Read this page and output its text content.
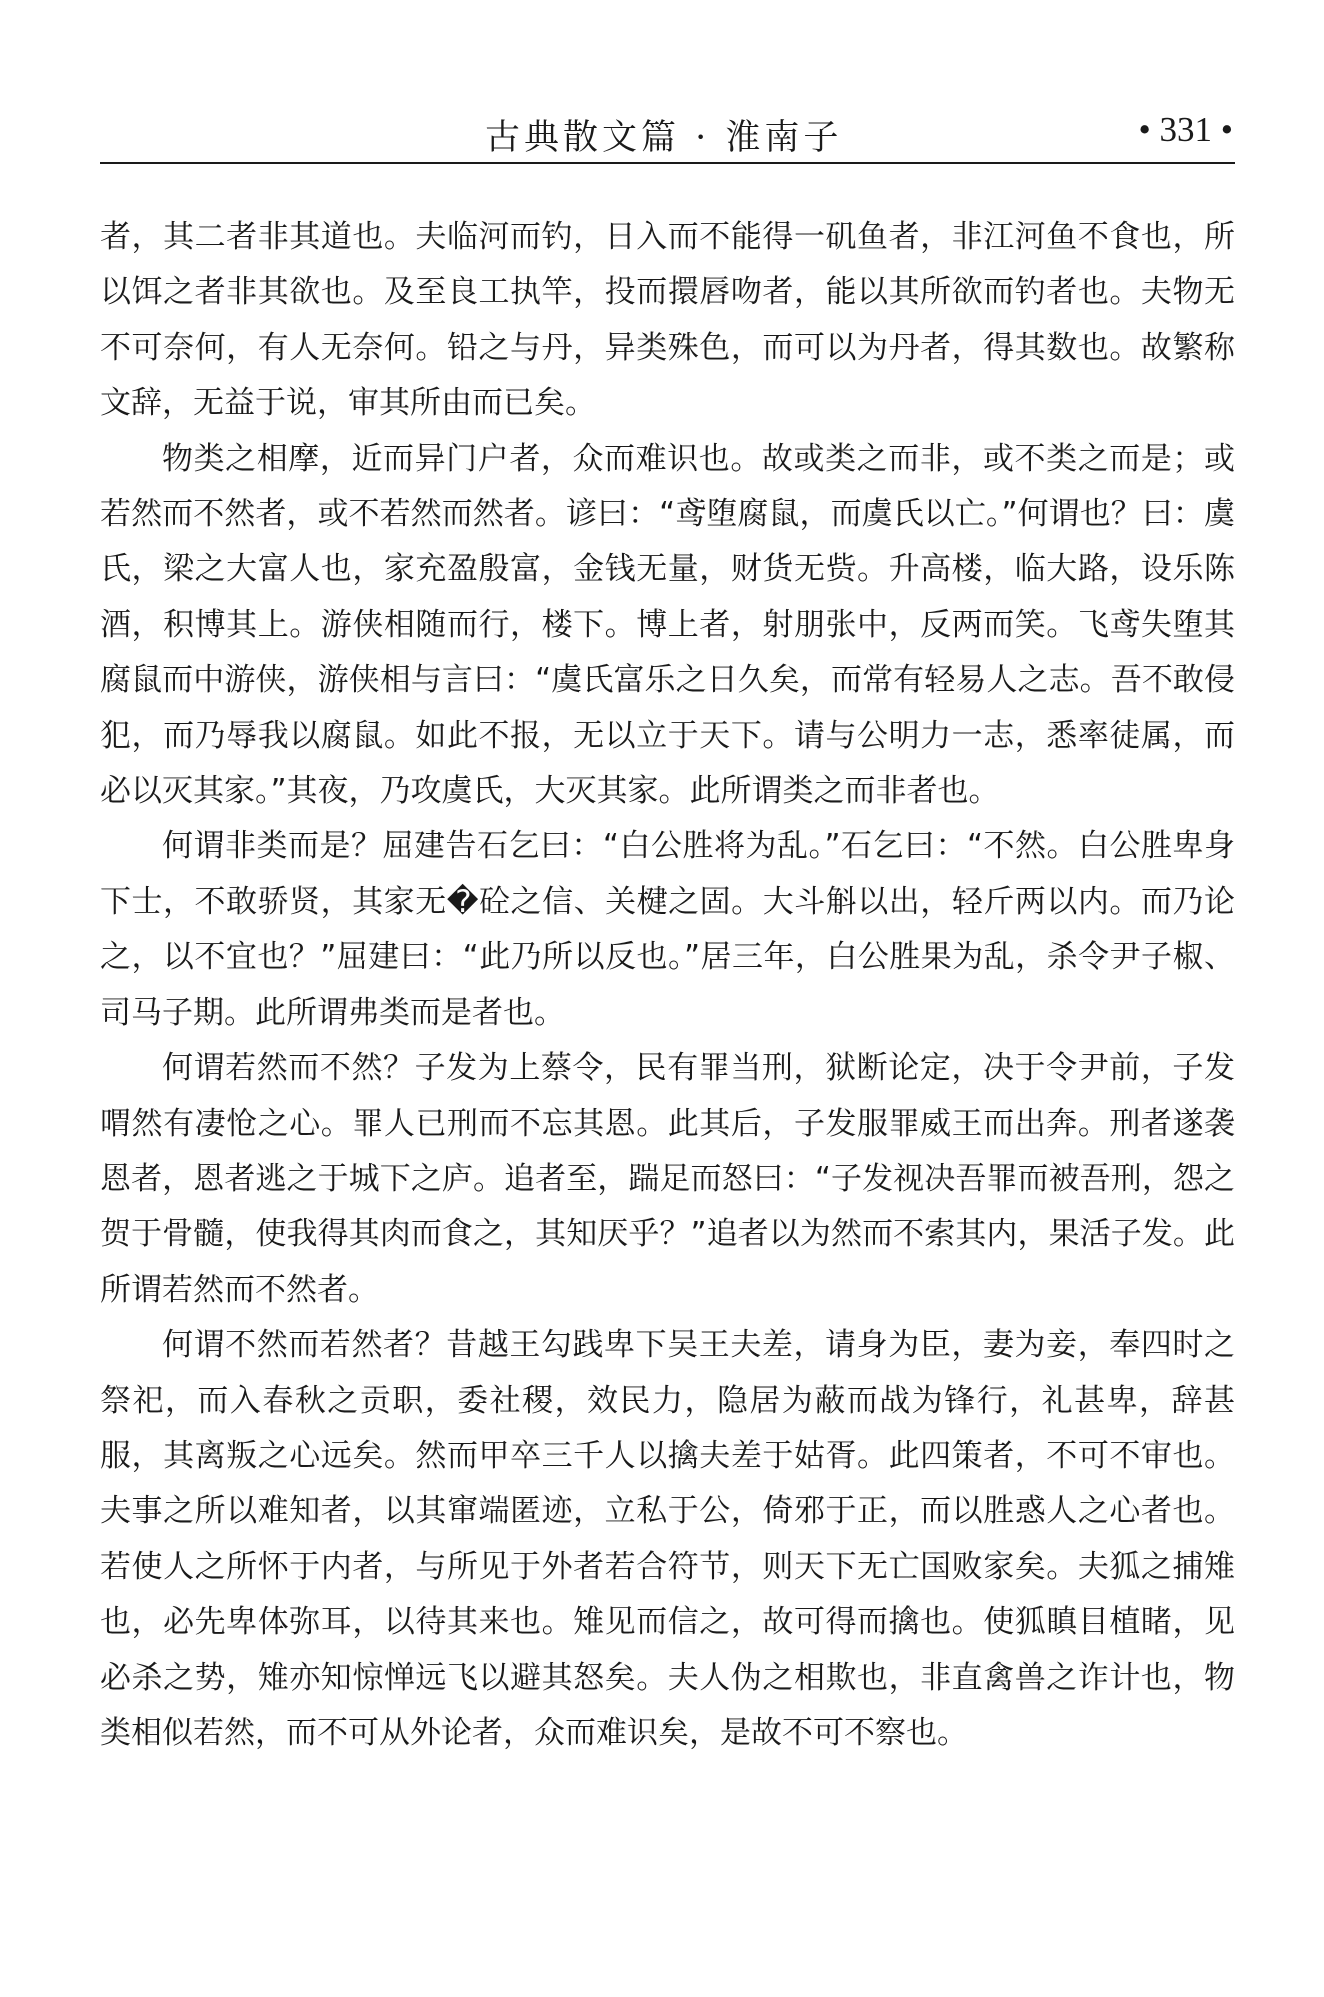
古典散文篇 · 淮南子	• 331 •

者，其二者非其道也。夫临河而钓，日入而不能得一矶鱼者，非江河鱼不食也，所以饵之者非其欲也。及至良工执竿，投而擐唇吻者，能以其所欲而钓者也。夫物无不可奈何，有人无奈何。铅之与丹，异类殊色，而可以为丹者，得其数也。故繁称文辞，无益于说，审其所由而已矣。

物类之相摩，近而异门户者，众而难识也。故或类之而非，或不类之而是；或若然而不然者，或不若然而然者。谚曰：“鸢堕腐鼠，而虞氏以亡。”何谓也？曰：虞氏，梁之大富人也，家充盈殷富，金钱无量，财货无赀。升高楼，临大路，设乐陈酒，积博其上。游侠相随而行，楼下。博上者，射朋张中，反两而笑。飞鸢失堕其腐鼠而中游侠，游侠相与言曰：“虞氏富乐之日久矣，而常有轻易人之志。吾不敢侵犯，而乃辱我以腐鼠。如此不报，无以立于天下。请与公明力一志，悉率徒属，而必以灭其家。”其夜，乃攻虞氏，大灭其家。此所谓类之而非者也。

何谓非类而是？屈建告石乞曰：“白公胜将为乱。”石乞曰：“不然。白公胜卑身下士，不敢骄贤，其家无�砼之信、关楗之固。大斗斛以出，轻斤两以内。而乃论之，以不宜也？”屈建曰：“此乃所以反也。”居三年，白公胜果为乱，杀令尹子椒、司马子期。此所谓弗类而是者也。

何谓若然而不然？子发为上蔡令，民有罪当刑，狱断论定，决于令尹前，子发喟然有凄怆之心。罪人已刑而不忘其恩。此其后，子发服罪威王而出奔。刑者遂袭恩者，恩者逃之于城下之庐。追者至，踹足而怒曰：“子发视决吾罪而被吾刑，怨之贺于骨髓，使我得其肉而食之，其知厌乎？”追者以为然而不索其内，果活子发。此所谓若然而不然者。

何谓不然而若然者？昔越王勾践卑下吴王夫差，请身为臣，妻为妾，奉四时之祭祀，而入春秋之贡职，委社稷，效民力，隐居为蔽而战为锋行，礼甚卑，辞甚服，其离叛之心远矣。然而甲卒三千人以擒夫差于姑胥。此四策者，不可不审也。夫事之所以难知者，以其窜端匿迹，立私于公，倚邪于正，而以胜惑人之心者也。若使人之所怀于内者，与所见于外者若合符节，则天下无亡国败家矣。夫狐之捕雉也，必先卑体弥耳，以待其来也。雉见而信之，故可得而擒也。使狐瞋目植睹，见必杀之势，雉亦知惊惮远飞以避其怒矣。夫人伪之相欺也，非直禽兽之诈计也，物类相似若然，而不可从外论者，众而难识矣，是故不可不察也。
